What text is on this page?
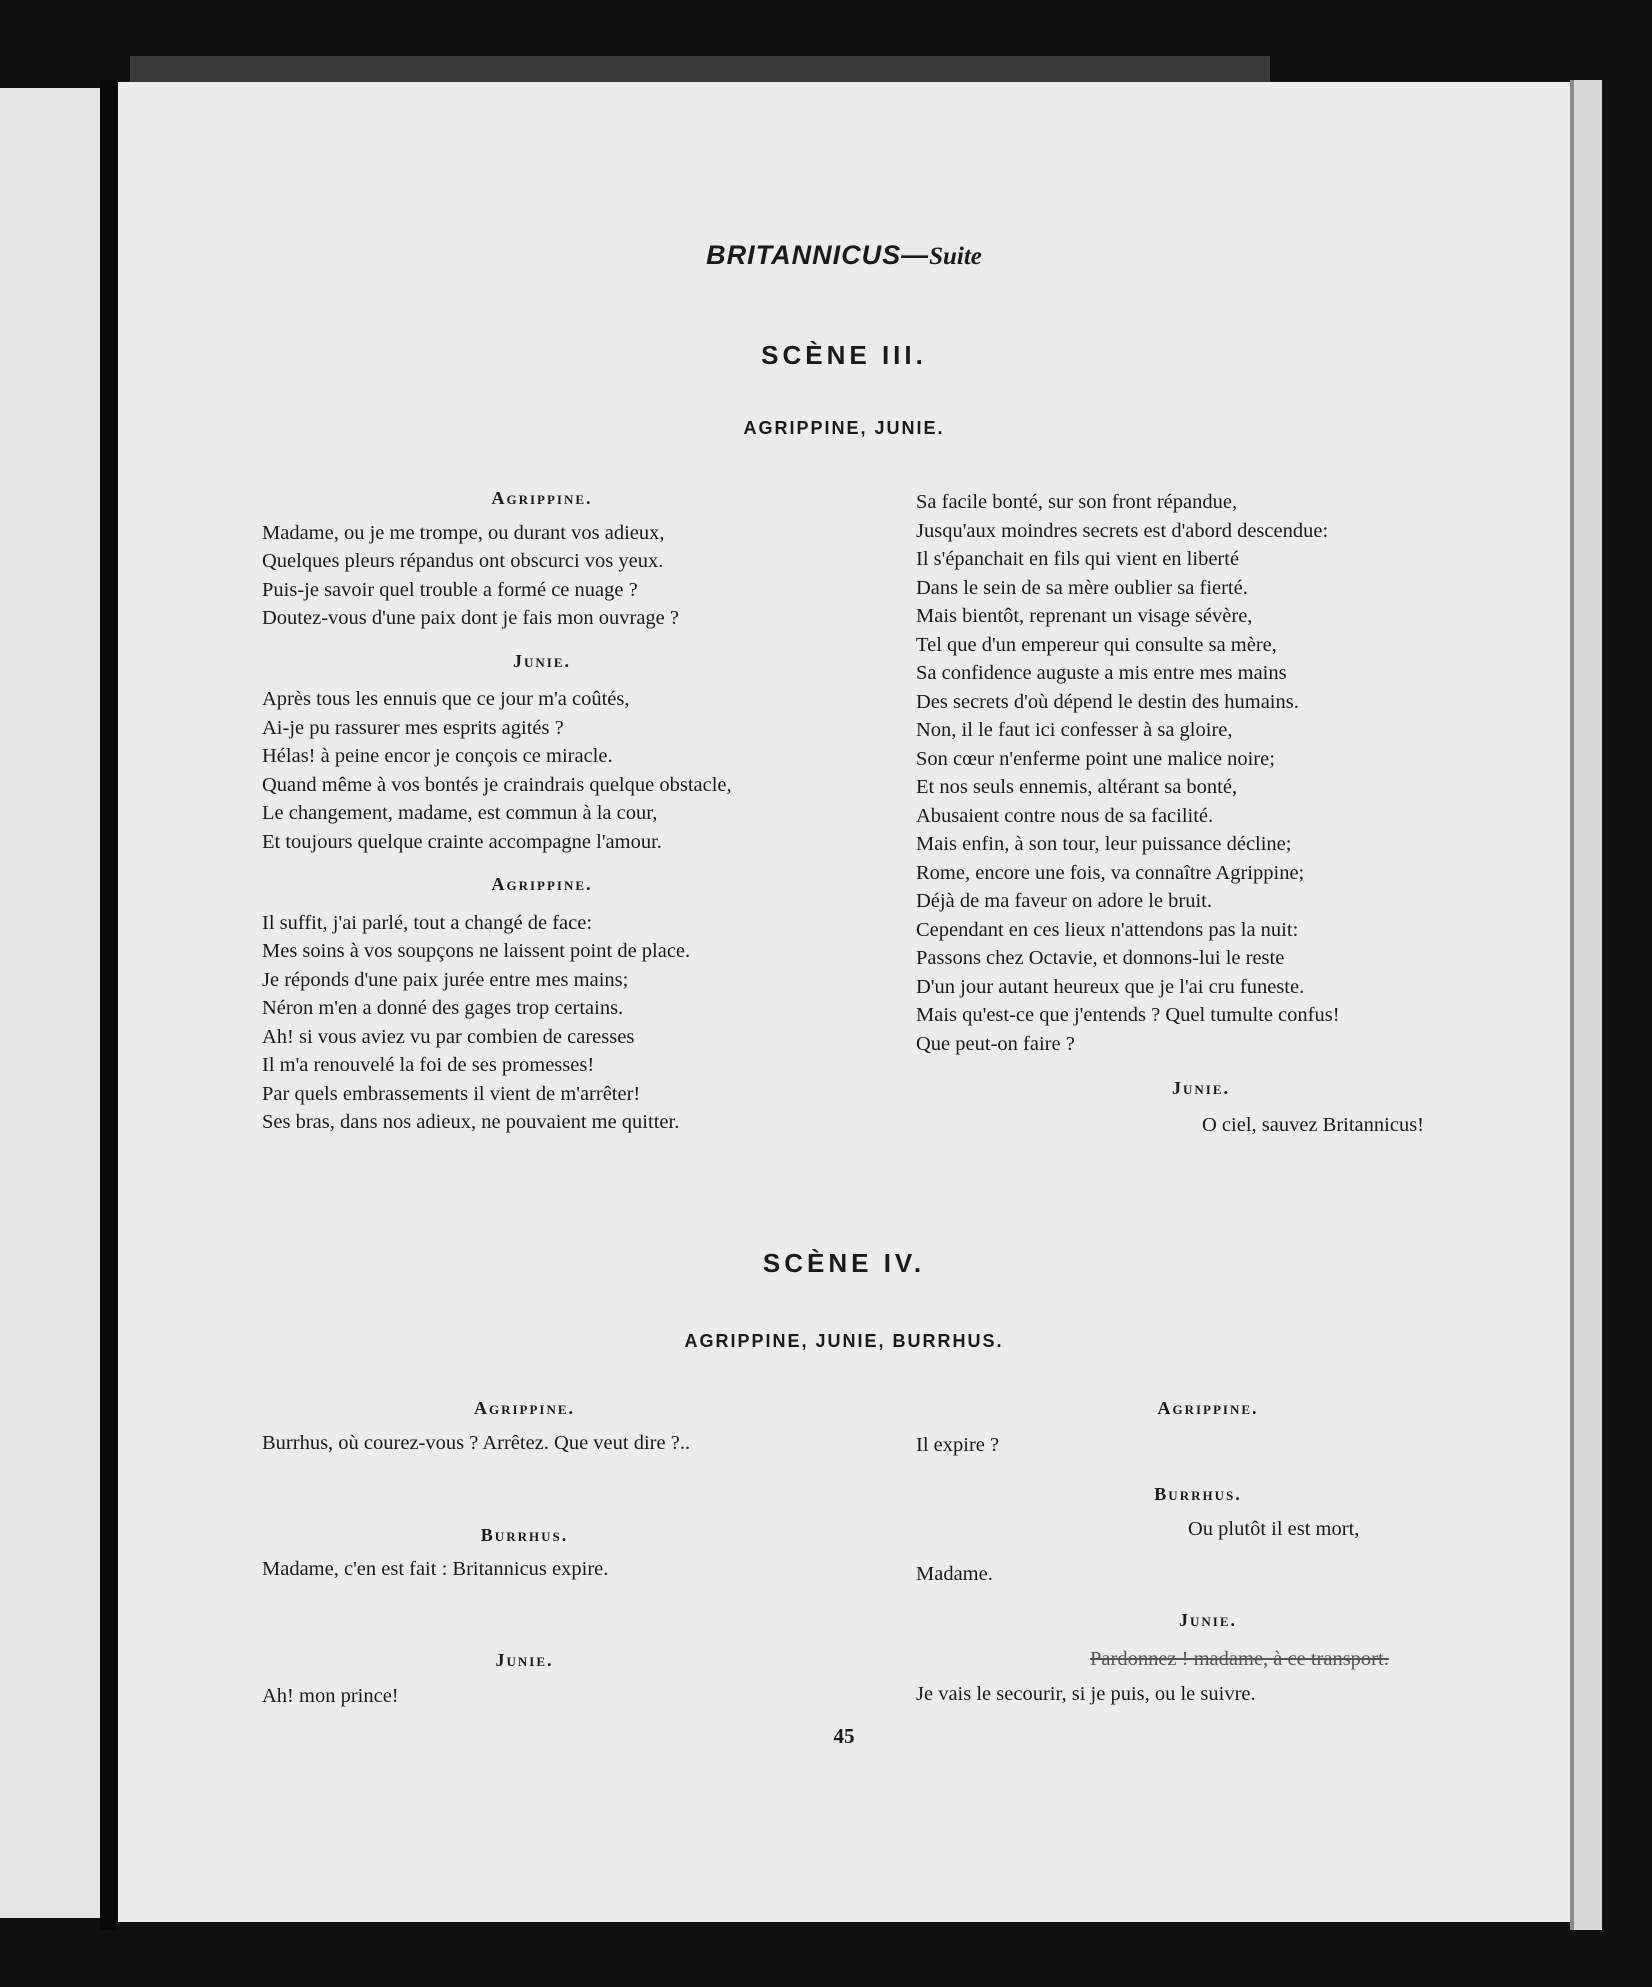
BRITANNICUS—Suite
SCÈNE III.
AGRIPPINE, JUNIE.
Agrippine.
Madame, ou je me trompe, ou durant vos adieux,
Quelques pleurs répandus ont obscurci vos yeux.
Puis-je savoir quel trouble a formé ce nuage ?
Doutez-vous d'une paix dont je fais mon ouvrage ?
Junie.
Après tous les ennuis que ce jour m'a coûtés,
Ai-je pu rassurer mes esprits agités ?
Hélas! à peine encor je conçois ce miracle.
Quand même à vos bontés je craindrais quelque obstacle,
Le changement, madame, est commun à la cour,
Et toujours quelque crainte accompagne l'amour.
Agrippine.
Il suffit, j'ai parlé, tout a changé de face:
Mes soins à vos soupçons ne laissent point de place.
Je réponds d'une paix jurée entre mes mains;
Néron m'en a donné des gages trop certains.
Ah! si vous aviez vu par combien de caresses
Il m'a renouvelé la foi de ses promesses!
Par quels embrassements il vient de m'arrêter!
Ses bras, dans nos adieux, ne pouvaient me quitter.
Sa facile bonté, sur son front répandue,
Jusqu'aux moindres secrets est d'abord descendue:
Il s'épanchait en fils qui vient en liberté
Dans le sein de sa mère oublier sa fierté.
Mais bientôt, reprenant un visage sévère,
Tel que d'un empereur qui consulte sa mère,
Sa confidence auguste a mis entre mes mains
Des secrets d'où dépend le destin des humains.
Non, il le faut ici confesser à sa gloire,
Son cœur n'enferme point une malice noire;
Et nos seuls ennemis, altérant sa bonté,
Abusaient contre nous de sa facilité.
Mais enfin, à son tour, leur puissance décline;
Rome, encore une fois, va connaître Agrippine;
Déjà de ma faveur on adore le bruit.
Cependant en ces lieux n'attendons pas la nuit:
Passons chez Octavie, et donnons-lui le reste
D'un jour autant heureux que je l'ai cru funeste.
Mais qu'est-ce que j'entends ? Quel tumulte confus!
Que peut-on faire ?
Junie.
O ciel, sauvez Britannicus!
SCÈNE IV.
AGRIPPINE, JUNIE, BURRHUS.
Agrippine.
Burrhus, où courez-vous ? Arrêtez. Que veut dire ?..
Burrhus.
Madame, c'en est fait : Britannicus expire.
Junie.
Ah! mon prince!
Agrippine.
Il expire ?
Burrhus.
Ou plutôt il est mort,
Madame.
Junie.
Pardonnez ! madame, à ce transport.
Je vais le secourir, si je puis, ou le suivre.
45
